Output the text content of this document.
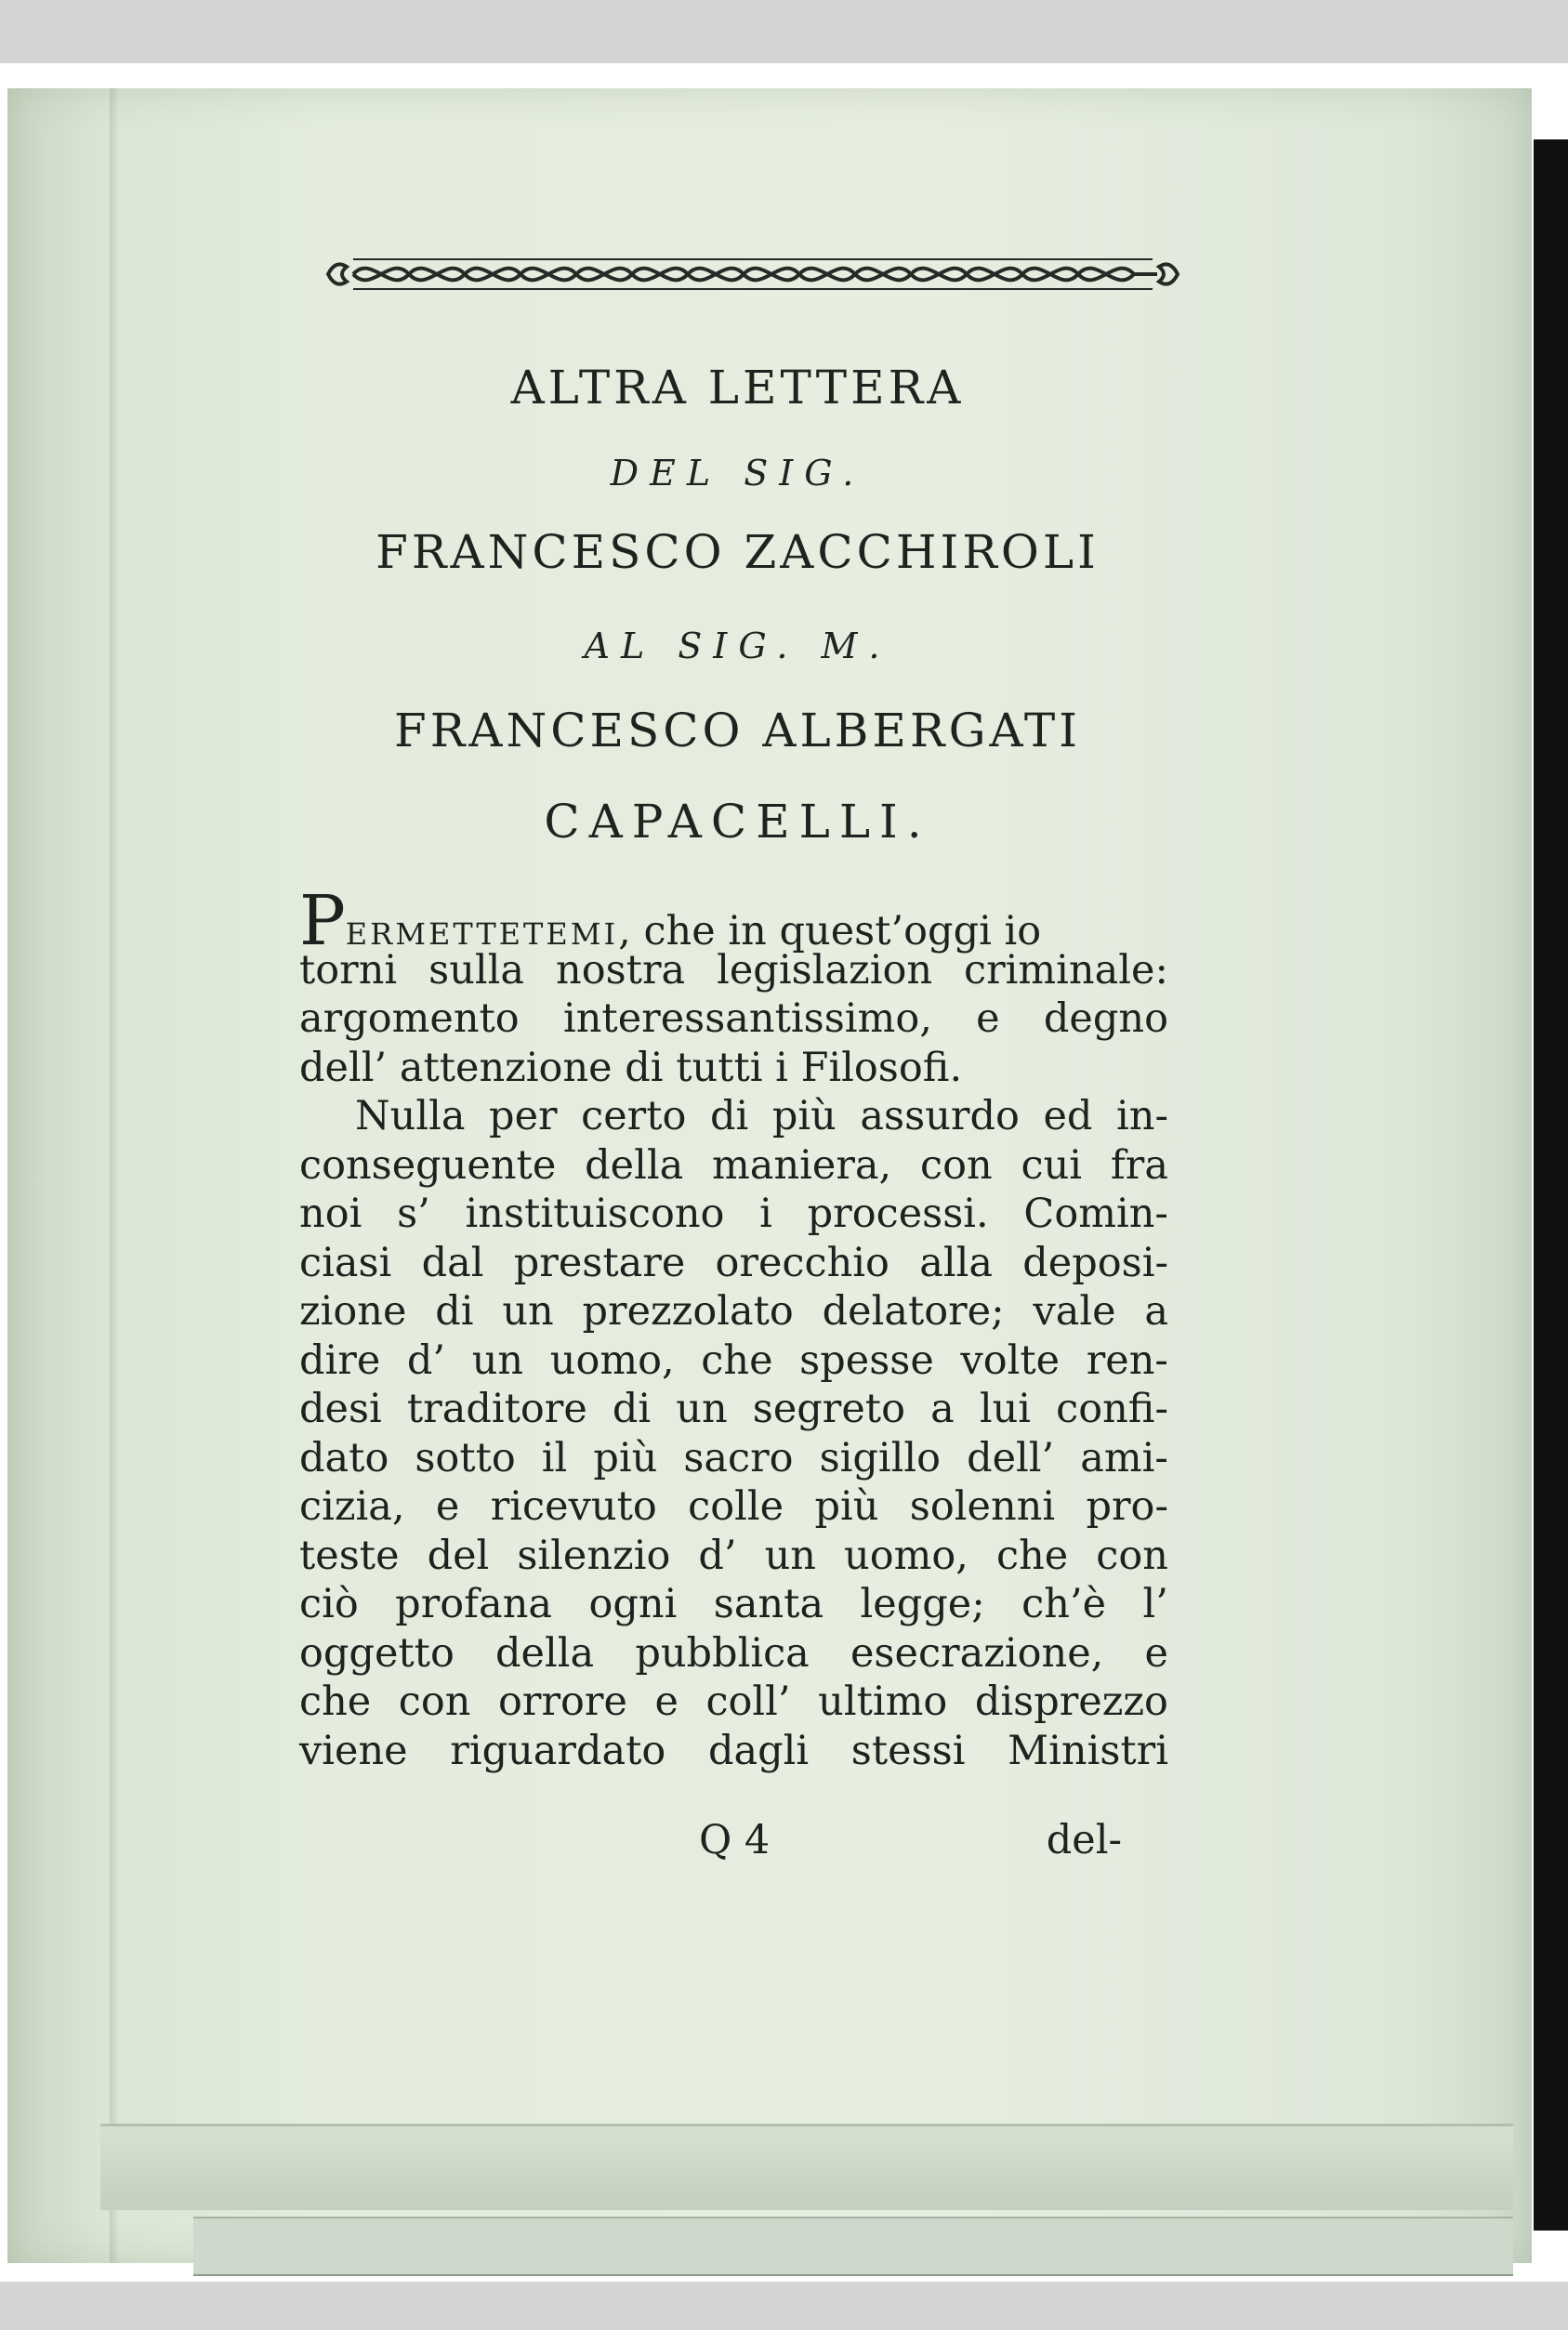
ALTRA LETTERA
DEL SIG.
FRANCESCO ZACCHIROLI
AL SIG. M.
FRANCESCO ALBERGATI
CAPACELLI.
PERMETTETEMI, che in quest’oggi io
torni sulla nostra legislazion criminale:
argomento interessantissimo, e degno
dell’ attenzione di tutti i Filosofi.
Nulla per certo di più assurdo ed in-
conseguente della maniera, con cui fra
noi s’ instituiscono i processi. Comin-
ciasi dal prestare orecchio alla deposi-
zione di un prezzolato delatore; vale a
dire d’ un uomo, che spesse volte ren-
desi traditore di un segreto a lui confi-
dato sotto il più sacro sigillo dell’ ami-
cizia, e ricevuto colle più solenni pro-
teste del silenzio d’ un uomo, che con
ciò profana ogni santa legge; ch’è l’
oggetto della pubblica esecrazione, e
che con orrore e coll’ ultimo disprezzo
viene riguardato dagli stessi Ministri
Q 4	del-
